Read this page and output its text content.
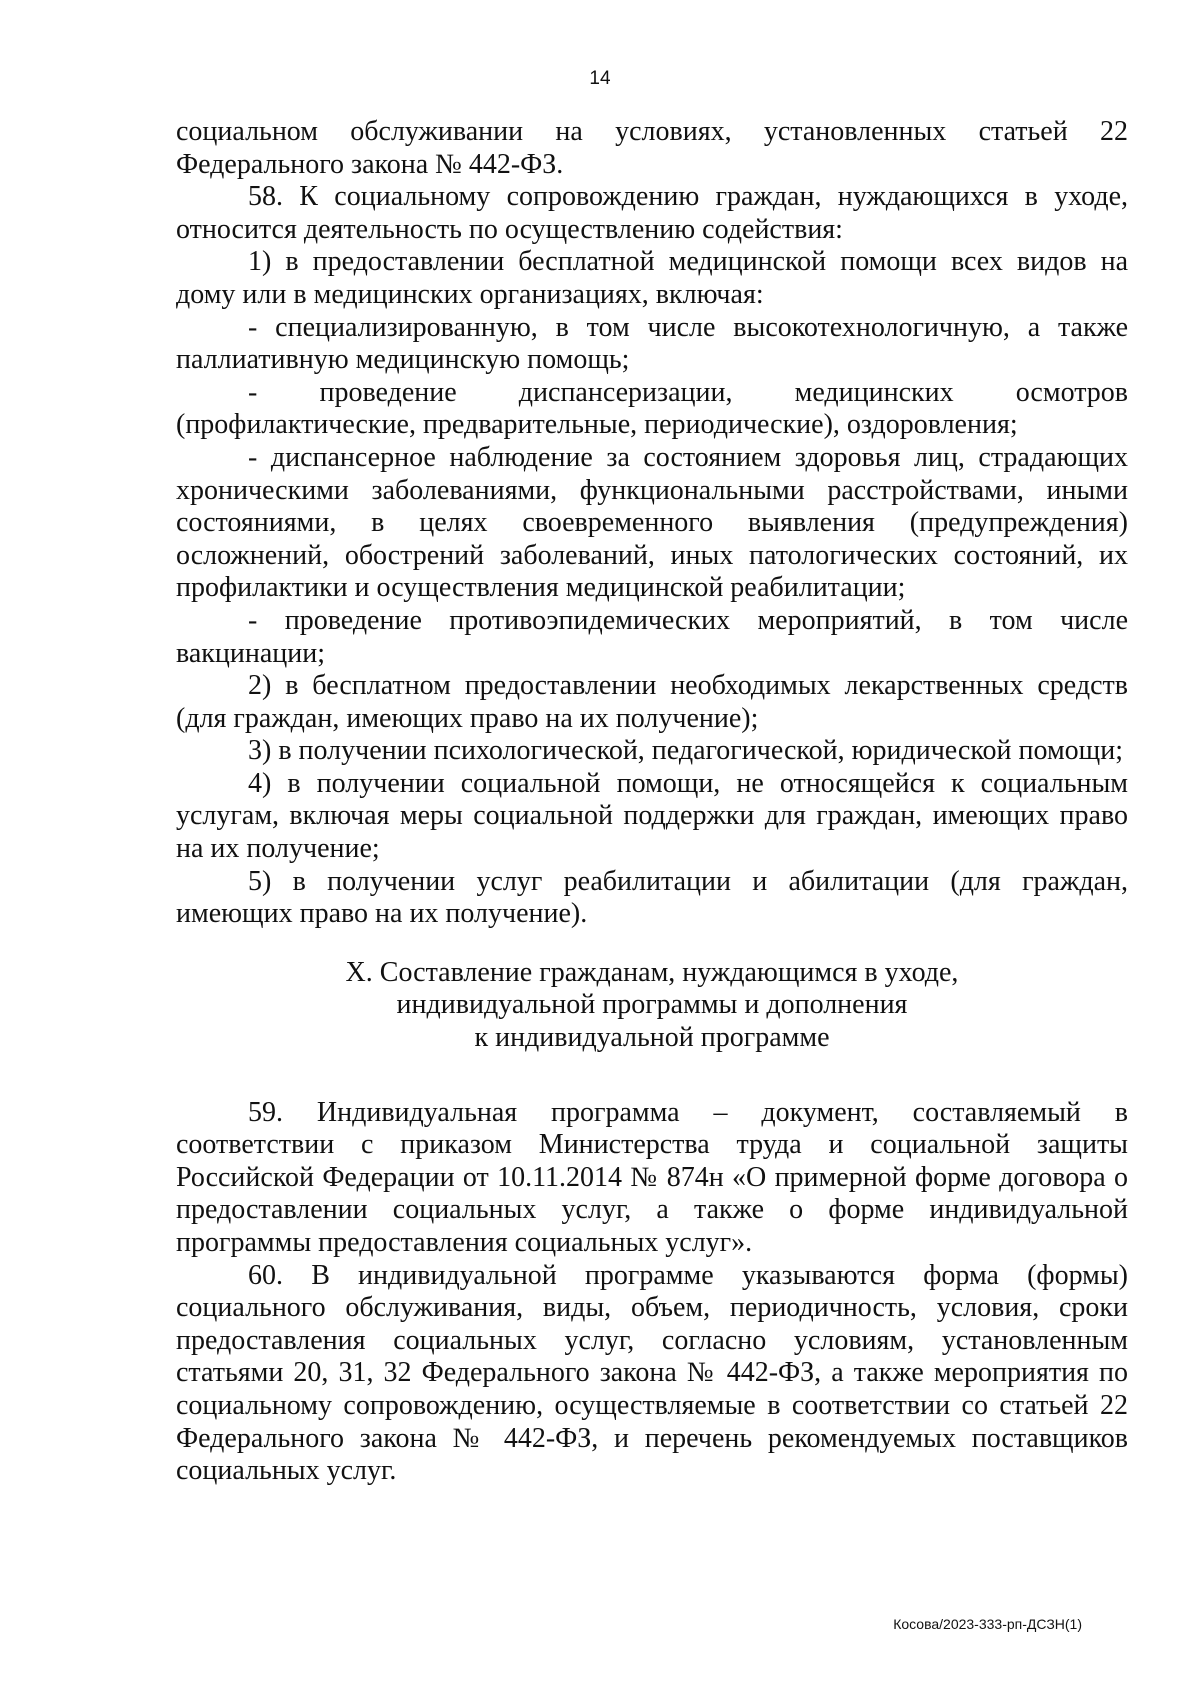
14

социальном обслуживании на условиях, установленных статьей 22 Федерального закона № 442-ФЗ.

58. К социальному сопровождению граждан, нуждающихся в уходе, относится деятельность по осуществлению содействия:

1) в предоставлении бесплатной медицинской помощи всех видов на дому или в медицинских организациях, включая:

- специализированную, в том числе высокотехнологичную, а также паллиативную медицинскую помощь;

- проведение диспансеризации, медицинских осмотров (профилактические, предварительные, периодические), оздоровления;

- диспансерное наблюдение за состоянием здоровья лиц, страдающих хроническими заболеваниями, функциональными расстройствами, иными состояниями, в целях своевременного выявления (предупреждения) осложнений, обострений заболеваний, иных патологических состояний, их профилактики и осуществления медицинской реабилитации;

- проведение противоэпидемических мероприятий, в том числе вакцинации;

2) в бесплатном предоставлении необходимых лекарственных средств (для граждан, имеющих право на их получение);

3) в получении психологической, педагогической, юридической помощи;

4) в получении социальной помощи, не относящейся к социальным услугам, включая меры социальной поддержки для граждан, имеющих право на их получение;

5) в получении услуг реабилитации и абилитации (для граждан, имеющих право на их получение).

X. Составление гражданам, нуждающимся в уходе,
индивидуальной программы и дополнения
к индивидуальной программе

59. Индивидуальная программа – документ, составляемый в соответствии с приказом Министерства труда и социальной защиты Российской Федерации от 10.11.2014 № 874н «О примерной форме договора о предоставлении социальных услуг, а также о форме индивидуальной программы предоставления социальных услуг».

60. В индивидуальной программе указываются форма (формы) социального обслуживания, виды, объем, периодичность, условия, сроки предоставления социальных услуг, согласно условиям, установленным статьями 20, 31, 32 Федерального закона № 442-ФЗ, а также мероприятия по социальному сопровождению, осуществляемые в соответствии со статьей 22 Федерального закона № 442-ФЗ, и перечень рекомендуемых поставщиков социальных услуг.

Косова/2023-333-рп-ДСЗН(1)
